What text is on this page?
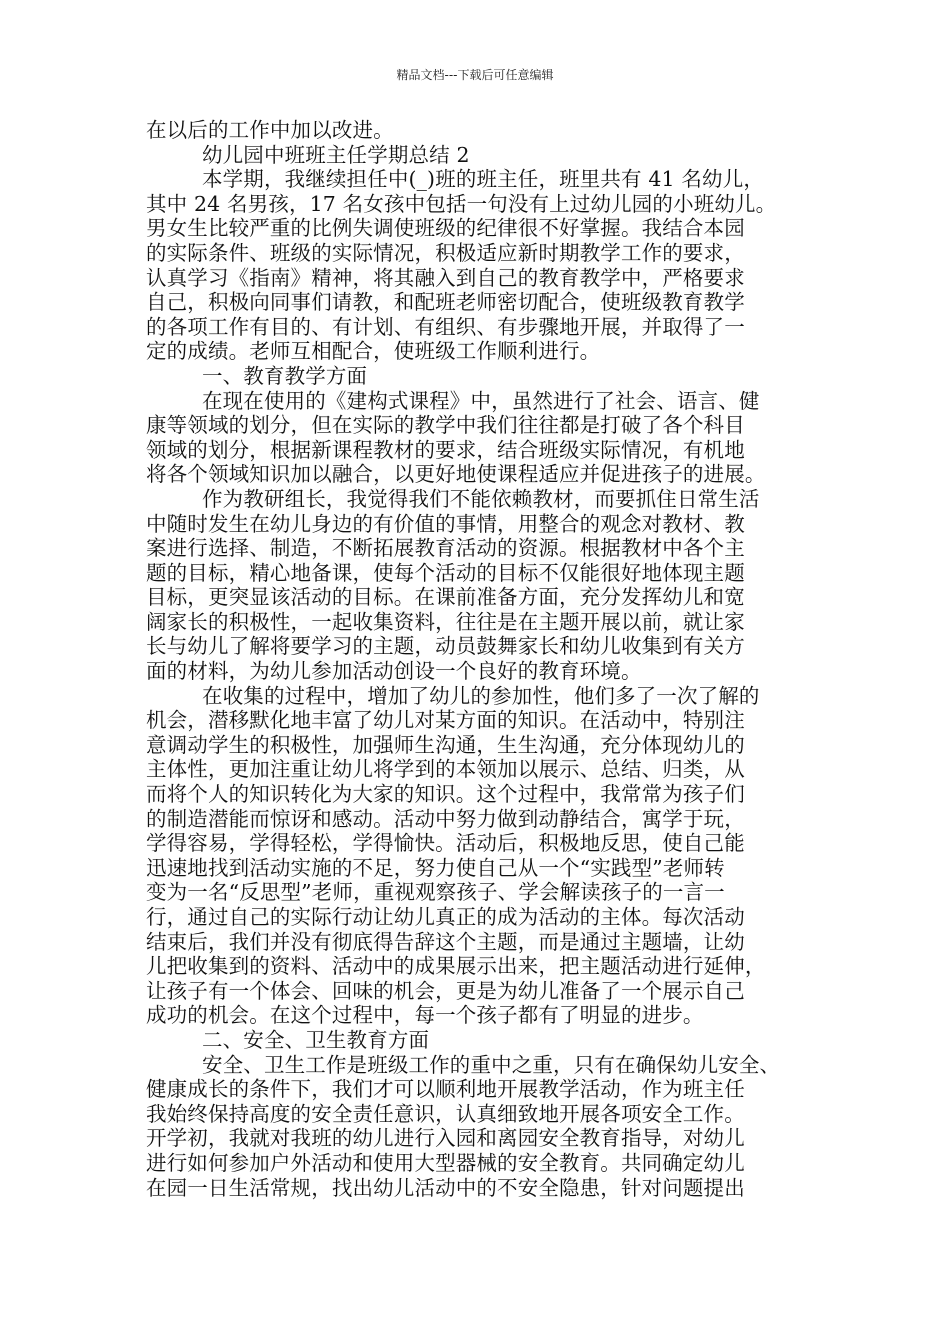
精品文档---下载后可任意编辑
在以后的工作中加以改进。
幼儿园中班班主任学期总结 2
本学期，我继续担任中(_)班的班主任，班里共有 41 名幼儿，
其中 24 名男孩，17 名女孩中包括一句没有上过幼儿园的小班幼儿。
男女生比较严重的比例失调使班级的纪律很不好掌握。我结合本园
的实际条件、班级的实际情况，积极适应新时期教学工作的要求，
认真学习《指南》精神，将其融入到自己的教育教学中，严格要求
自己，积极向同事们请教，和配班老师密切配合，使班级教育教学
的各项工作有目的、有计划、有组织、有步骤地开展，并取得了一
定的成绩。老师互相配合，使班级工作顺利进行。
一、教育教学方面
在现在使用的《建构式课程》中，虽然进行了社会、语言、健
康等领域的划分，但在实际的教学中我们往往都是打破了各个科目
领域的划分，根据新课程教材的要求，结合班级实际情况，有机地
将各个领域知识加以融合，以更好地使课程适应并促进孩子的进展。
作为教研组长，我觉得我们不能依赖教材，而要抓住日常生活
中随时发生在幼儿身边的有价值的事情，用整合的观念对教材、教
案进行选择、制造，不断拓展教育活动的资源。根据教材中各个主
题的目标，精心地备课，使每个活动的目标不仅能很好地体现主题
目标，更突显该活动的目标。在课前准备方面，充分发挥幼儿和宽
阔家长的积极性，一起收集资料，往往是在主题开展以前，就让家
长与幼儿了解将要学习的主题，动员鼓舞家长和幼儿收集到有关方
面的材料，为幼儿参加活动创设一个良好的教育环境。
在收集的过程中，增加了幼儿的参加性，他们多了一次了解的
机会，潜移默化地丰富了幼儿对某方面的知识。在活动中，特别注
意调动学生的积极性，加强师生沟通，生生沟通，充分体现幼儿的
主体性，更加注重让幼儿将学到的本领加以展示、总结、归类，从
而将个人的知识转化为大家的知识。这个过程中，我常常为孩子们
的制造潜能而惊讶和感动。活动中努力做到动静结合，寓学于玩，
学得容易，学得轻松，学得愉快。活动后，积极地反思，使自己能
迅速地找到活动实施的不足，努力使自己从一个“实践型”老师转
变为一名“反思型”老师，重视观察孩子、学会解读孩子的一言一
行，通过自己的实际行动让幼儿真正的成为活动的主体。每次活动
结束后，我们并没有彻底得告辞这个主题，而是通过主题墙，让幼
儿把收集到的资料、活动中的成果展示出来，把主题活动进行延伸，
让孩子有一个体会、回味的机会，更是为幼儿准备了一个展示自己
成功的机会。在这个过程中，每一个孩子都有了明显的进步。
二、安全、卫生教育方面
安全、卫生工作是班级工作的重中之重，只有在确保幼儿安全、
健康成长的条件下，我们才可以顺利地开展教学活动，作为班主任
我始终保持高度的安全责任意识，认真细致地开展各项安全工作。
开学初，我就对我班的幼儿进行入园和离园安全教育指导，对幼儿
进行如何参加户外活动和使用大型器械的安全教育。共同确定幼儿
在园一日生活常规，找出幼儿活动中的不安全隐患，针对问题提出
